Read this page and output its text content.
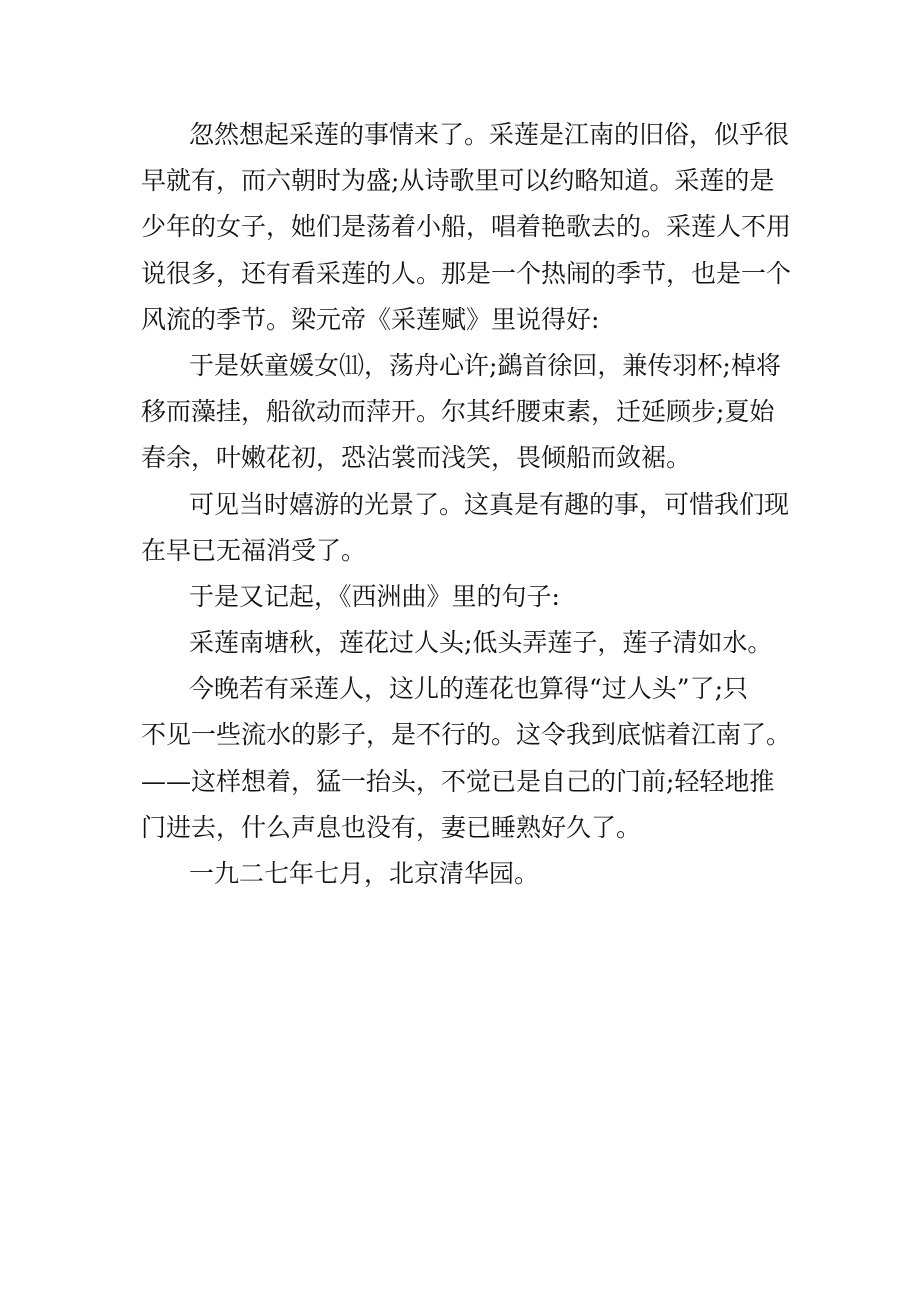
忽然想起采莲的事情来了。采莲是江南的旧俗，似乎很
早就有，而六朝时为盛;从诗歌里可以约略知道。采莲的是
少年的女子，她们是荡着小船，唱着艳歌去的。采莲人不用
说很多，还有看采莲的人。那是一个热闹的季节，也是一个
风流的季节。梁元帝《采莲赋》里说得好:
于是妖童媛女⑾，荡舟心许;鷁首徐回，兼传羽杯;棹将
移而藻挂，船欲动而萍开。尔其纤腰束素，迁延顾步;夏始
春余，叶嫩花初，恐沾裳而浅笑，畏倾船而敛裾。
可见当时嬉游的光景了。这真是有趣的事，可惜我们现
在早已无福消受了。
于是又记起，《西洲曲》里的句子:
采莲南塘秋，莲花过人头;低头弄莲子，莲子清如水。
今晚若有采莲人，这儿的莲花也算得“过人头”了;只
不见一些流水的影子，是不行的。这令我到底惦着江南了。
——这样想着，猛一抬头，不觉已是自己的门前;轻轻地推
门进去，什么声息也没有，妻已睡熟好久了。
一九二七年七月，北京清华园。
